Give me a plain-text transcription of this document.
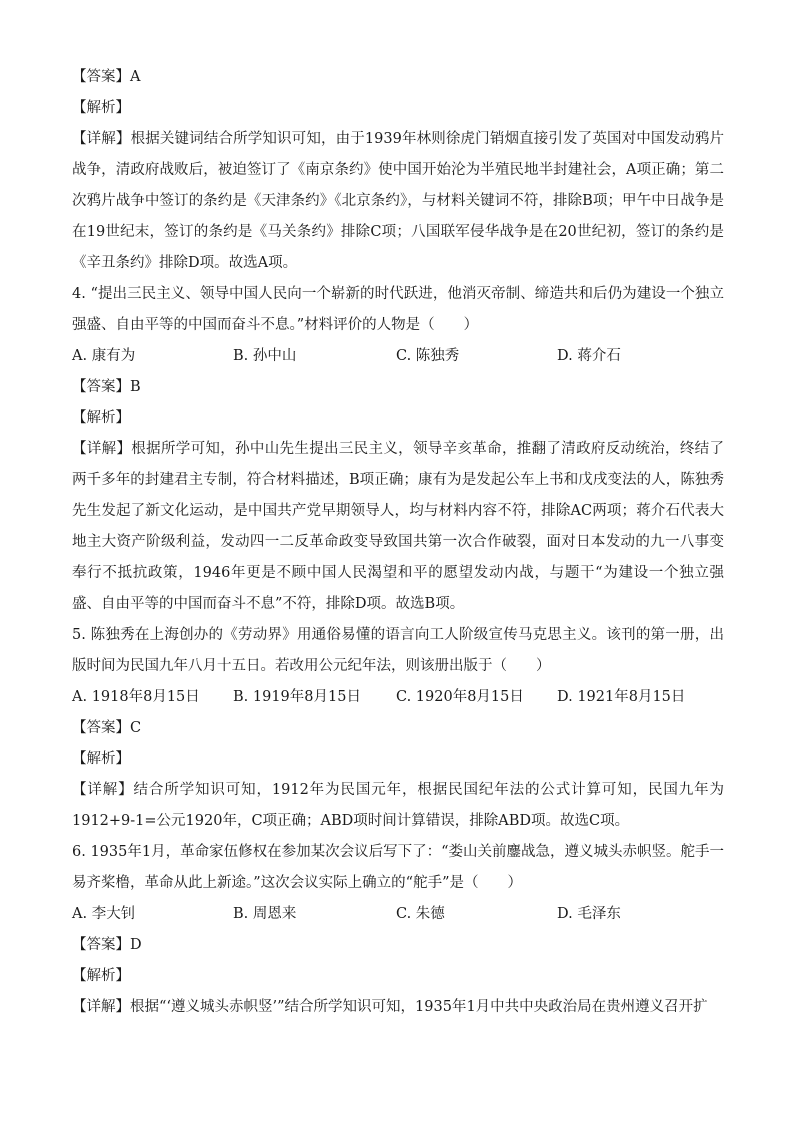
【答案】A
【解析】
【详解】根据关键词结合所学知识可知，由于1939年林则徐虎门销烟直接引发了英国对中国发动鸦片战争，清政府战败后，被迫签订了《南京条约》使中国开始沦为半殖民地半封建社会，A项正确；第二次鸦片战争中签订的条约是《天津条约》《北京条约》，与材料关键词不符，排除B项；甲午中日战争是在19世纪末，签订的条约是《马关条约》排除C项；八国联军侵华战争是在20世纪初，签订的条约是《辛丑条约》排除D项。故选A项。
4. “提出三民主义、领导中国人民向一个崭新的时代跃进，他消灭帝制、缔造共和后仍为建设一个独立强盛、自由平等的中国而奋斗不息。”材料评价的人物是（　　）
A. 康有为	B. 孙中山	C. 陈独秀	D. 蒋介石
【答案】B
【解析】
【详解】根据所学可知，孙中山先生提出三民主义，领导辛亥革命，推翻了清政府反动统治，终结了两千多年的封建君主专制，符合材料描述，B项正确；康有为是发起公车上书和戊戌变法的人，陈独秀先生发起了新文化运动，是中国共产党早期领导人，均与材料内容不符，排除AC两项；蒋介石代表大地主大资产阶级利益，发动四一二反革命政变导致国共第一次合作破裂，面对日本发动的九一八事变奉行不抵抗政策，1946年更是不顾中国人民渴望和平的愿望发动内战，与题干“为建设一个独立强盛、自由平等的中国而奋斗不息”不符，排除D项。故选B项。
5. 陈独秀在上海创办的《劳动界》用通俗易懂的语言向工人阶级宣传马克思主义。该刊的第一册，出版时间为民国九年八月十五日。若改用公元纪年法，则该册出版于（　　）
A. 1918年8月15日	B. 1919年8月15日	C. 1920年8月15日	D. 1921年8月15日
【答案】C
【解析】
【详解】结合所学知识可知，1912年为民国元年，根据民国纪年法的公式计算可知，民国九年为1912+9-1=公元1920年，C项正确；ABD项时间计算错误，排除ABD项。故选C项。
6. 1935年1月，革命家伍修权在参加某次会议后写下了：“娄山关前鏖战急，遵义城头赤帜竖。舵手一易齐桨橹，革命从此上新途。”这次会议实际上确立的“舵手”是（　　）
A. 李大钊	B. 周恩来	C. 朱德	D. 毛泽东
【答案】D
【解析】
【详解】根据“‘遵义城头赤帜竖’”结合所学知识可知，1935年1月中共中央政治局在贵州遵义召开扩
